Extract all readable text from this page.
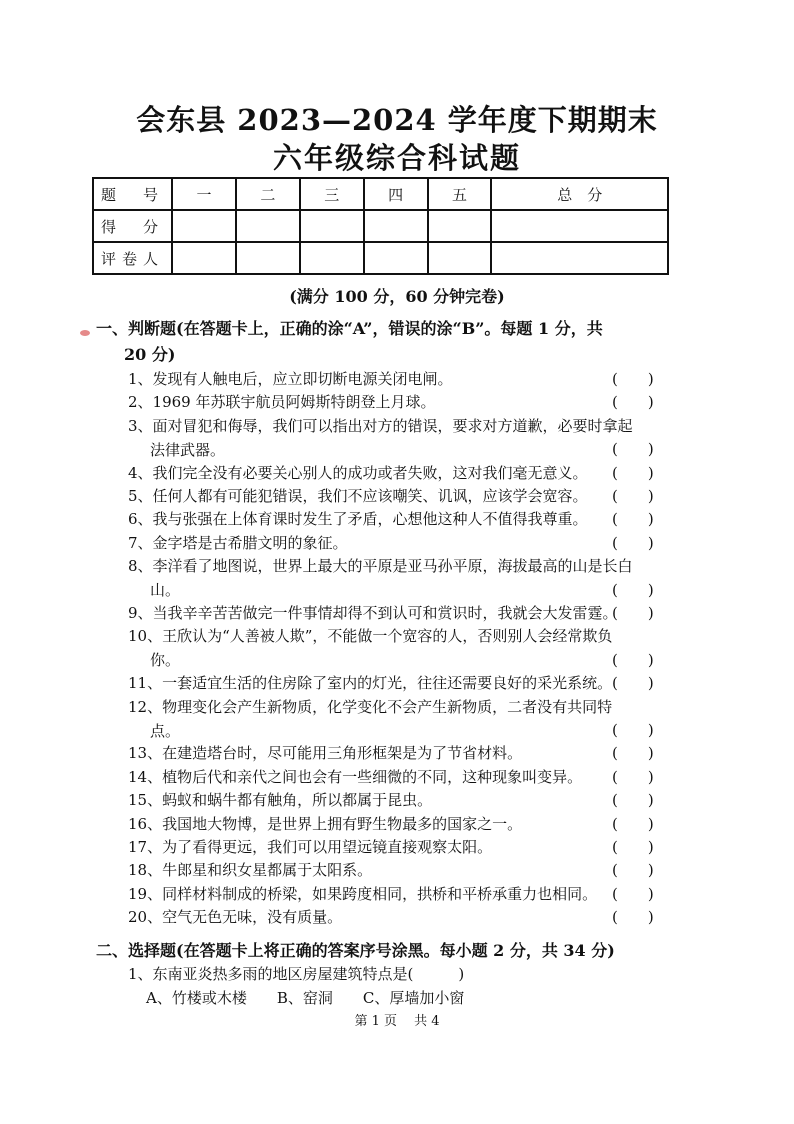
会东县 2023—2024 学年度下期期末
六年级综合科试题
题　号	一	二	三	四	五	总　分
得　分						
评卷人						
(满分 100 分，60 分钟完卷)
一、判断题(在答题卡上，正确的涂“A”，错误的涂“B”。每题 1 分，共
20 分)
1、发现有人触电后，应立即切断电源关闭电闸。	(　　)
2、1969 年苏联宇航员阿姆斯特朗登上月球。	(　　)
3、面对冒犯和侮辱，我们可以指出对方的错误，要求对方道歉，必要时拿起
法律武器。	(　　)
4、我们完全没有必要关心别人的成功或者失败，这对我们毫无意义。	(　　)
5、任何人都有可能犯错误，我们不应该嘲笑、讥讽，应该学会宽容。	(　　)
6、我与张强在上体育课时发生了矛盾，心想他这种人不值得我尊重。	(　　)
7、金字塔是古希腊文明的象征。	(　　)
8、李洋看了地图说，世界上最大的平原是亚马孙平原，海拔最高的山是长白
山。	(　　)
9、当我辛辛苦苦做完一件事情却得不到认可和赏识时，我就会大发雷霆。
(　　)
10、王欣认为“人善被人欺”，不能做一个宽容的人，否则别人会经常欺负
你。	(　　)
11、一套适宜生活的住房除了室内的灯光，往往还需要良好的采光系统。 (　　)
12、物理变化会产生新物质，化学变化不会产生新物质，二者没有共同特
点。	(　　)
13、在建造塔台时，尽可能用三角形框架是为了节省材料。	(　　)
14、植物后代和亲代之间也会有一些细微的不同，这种现象叫变异。	(　　)
15、蚂蚁和蜗牛都有触角，所以都属于昆虫。	(　　)
16、我国地大物博，是世界上拥有野生物最多的国家之一。	(　　)
17、为了看得更远，我们可以用望远镜直接观察太阳。	(　　)
18、牛郎星和织女星都属于太阳系。	(　　)
19、同样材料制成的桥梁，如果跨度相同，拱桥和平桥承重力也相同。 (　　)
20、空气无色无味，没有质量。	(　　)
二、选择题(在答题卡上将正确的答案序号涂黑。每小题 2 分，共 34 分)
1、东南亚炎热多雨的地区房屋建筑特点是(　　　)
A、竹楼或木楼　　B、窑洞　　C、厚墙加小窗
第 1 页　 共 4
